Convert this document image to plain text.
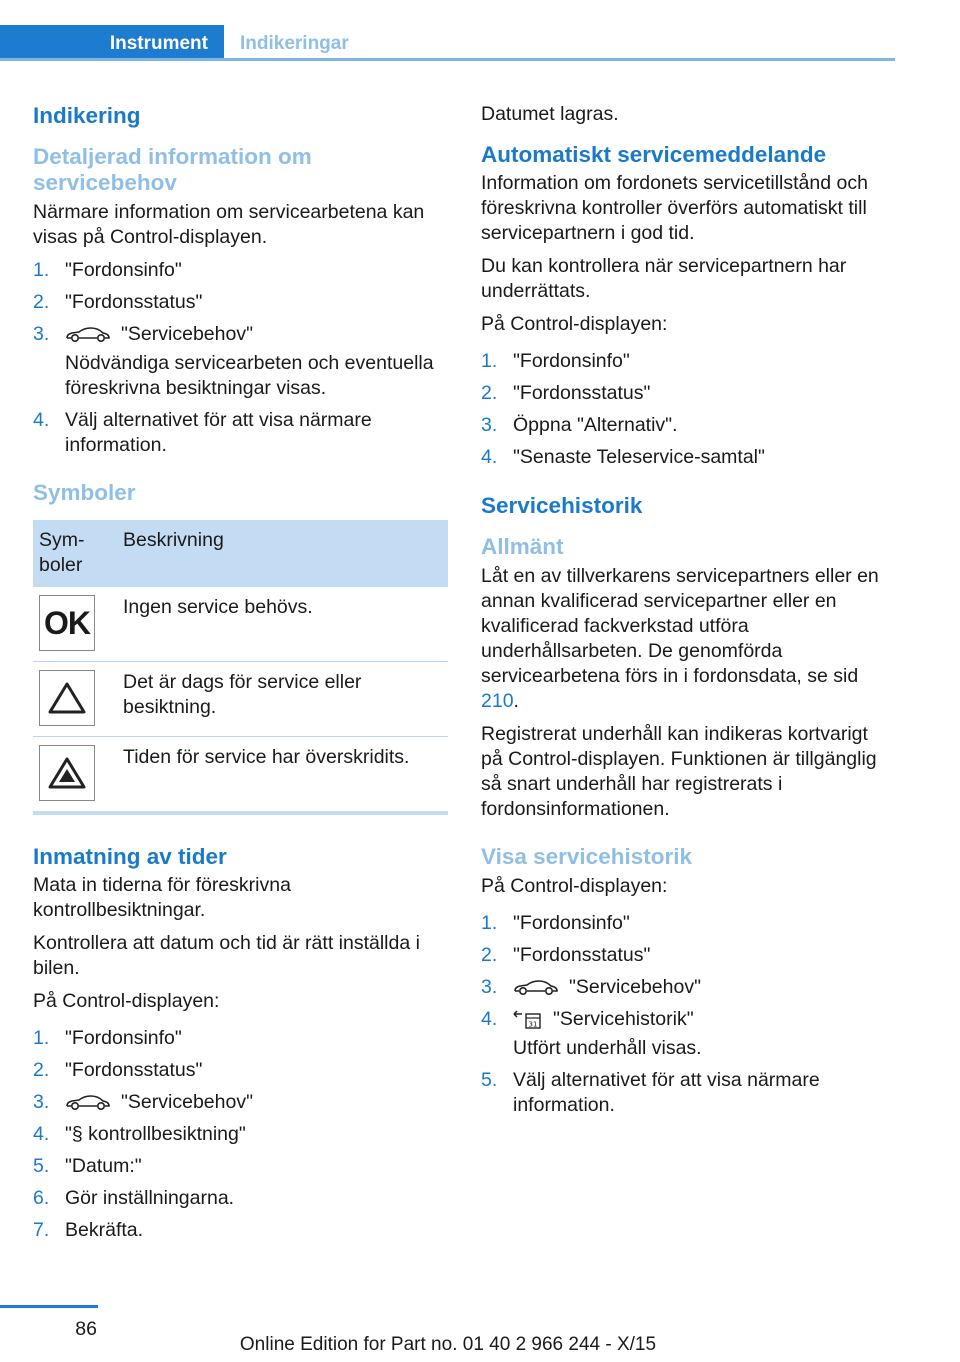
Instrument Indikeringar
Indikering
Detaljerad information om servicebehov

Närmare information om servicearbetena kan visas på Control-displayen.

1. "Fordonsinfo"
2. "Fordonsstatus"
3.	"Servicebehov"
Nödvändiga servicearbeten och eventuella föreskrivna besiktningar visas.
4. Välj alternativet för att visa närmare information.
Symboler
Sym- boler	Beskrivning

OK	Ingen service behövs.

	Det är dags för service eller besiktning.

	Tiden för service har överskridits.
Inmatning av tider

Mata in tiderna för föreskrivna kontrollbesiktningar.

Kontrollera att datum och tid är rätt inställda i bilen.

På Control-displayen:

1. "Fordonsinfo"
2. "Fordonsstatus"
3.	"Servicebehov"
4. "§ kontrollbesiktning"
5. "Datum:"
6. Gör inställningarna.
7. Bekräfta.

Datumet lagras.

Automatiskt servicemeddelande

Information om fordonets servicetillstånd och föreskrivna kontroller överförs automatiskt till servicepartnern i god tid.

Du kan kontrollera när servicepartnern har underrättats.

På Control-displayen:

1. "Fordonsinfo"
2. "Fordonsstatus"
3. Öppna "Alternativ".
4. "Senaste Teleservice-samtal"
Servicehistorik
Allmänt

Låt en av tillverkarens servicepartners eller en annan kvalificerad servicepartner eller en kvalificerad fackverkstad utföra underhållsarbeten. De genomförda servicearbetena förs in i fordonsdata, se sid 210.

Registrerat underhåll kan indikeras kortvarigt på Control-displayen. Funktionen är tillgänglig så snart underhåll har registrerats i fordonsinformationen.

Visa servicehistorik

På Control-displayen:

1. "Fordonsinfo"
2. "Fordonsstatus"
3.	"Servicebehov"
4.	31 "Servicehistorik"
Utfört underhåll visas.
5. Välj alternativet för att visa närmare information.
86
Online Edition for Part no. 01 40 2 966 244 - X/15
